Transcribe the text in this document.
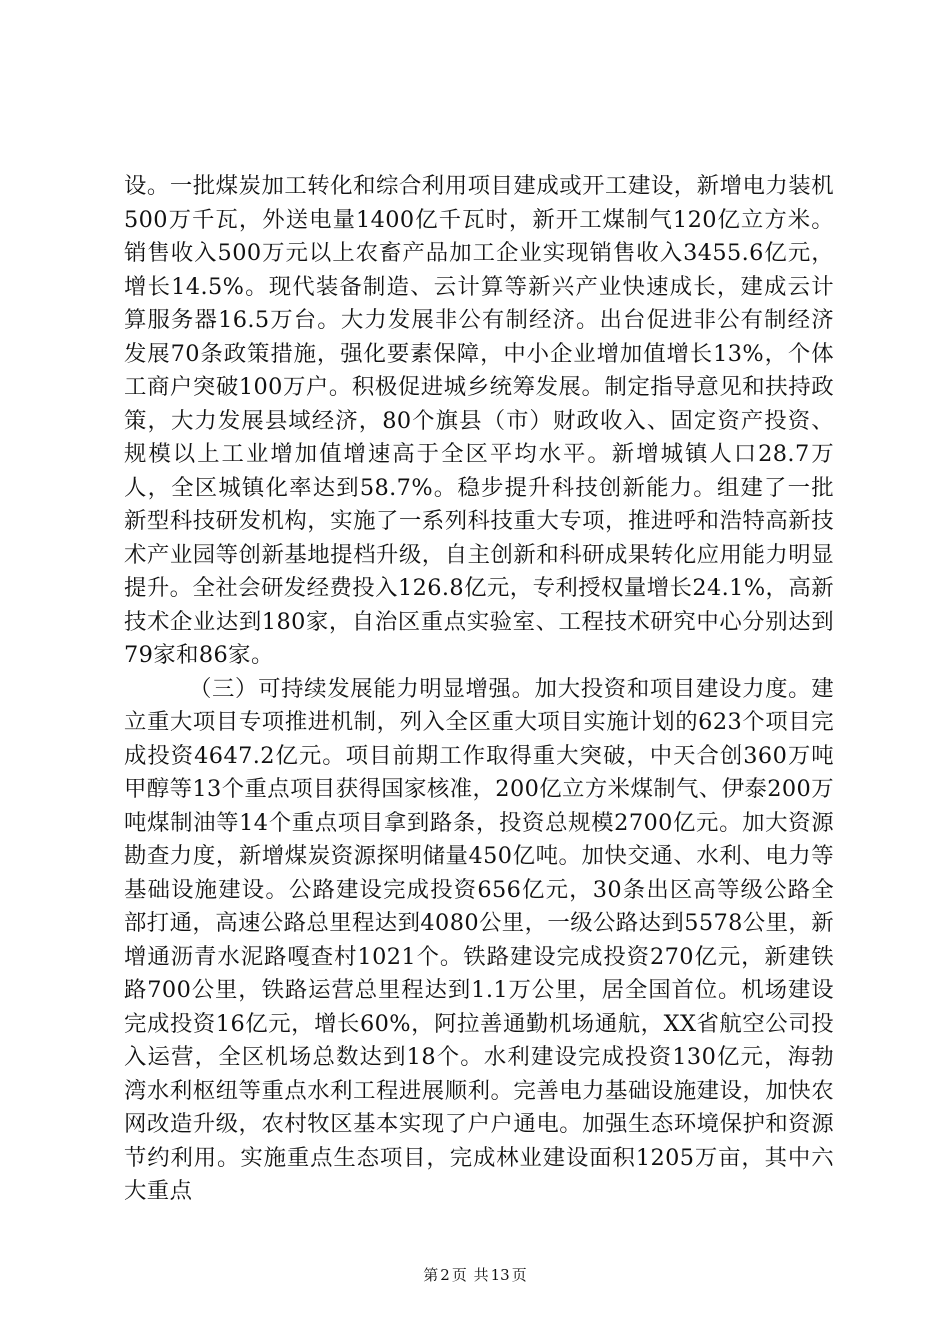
设。一批煤炭加工转化和综合利用项目建成或开工建设，新增电力装机500万千瓦，外送电量1400亿千瓦时，新开工煤制气120亿立方米。销售收入500万元以上农畜产品加工企业实现销售收入3455.6亿元，增长14.5%。现代装备制造、云计算等新兴产业快速成长，建成云计算服务器16.5万台。大力发展非公有制经济。出台促进非公有制经济发展70条政策措施，强化要素保障，中小企业增加值增长13%，个体工商户突破100万户。积极促进城乡统筹发展。制定指导意见和扶持政策，大力发展县域经济，80个旗县（市）财政收入、固定资产投资、规模以上工业增加值增速高于全区平均水平。新增城镇人口28.7万人，全区城镇化率达到58.7%。稳步提升科技创新能力。组建了一批新型科技研发机构，实施了一系列科技重大专项，推进呼和浩特高新技术产业园等创新基地提档升级，自主创新和科研成果转化应用能力明显提升。全社会研发经费投入126.8亿元，专利授权量增长24.1%，高新技术企业达到180家，自治区重点实验室、工程技术研究中心分别达到79家和86家。

（三）可持续发展能力明显增强。加大投资和项目建设力度。建立重大项目专项推进机制，列入全区重大项目实施计划的623个项目完成投资4647.2亿元。项目前期工作取得重大突破，中天合创360万吨甲醇等13个重点项目获得国家核准，200亿立方米煤制气、伊泰200万吨煤制油等14个重点项目拿到路条，投资总规模2700亿元。加大资源勘查力度，新增煤炭资源探明储量450亿吨。加快交通、水利、电力等基础设施建设。公路建设完成投资656亿元，30条出区高等级公路全部打通，高速公路总里程达到4080公里，一级公路达到5578公里，新增通沥青水泥路嘎查村1021个。铁路建设完成投资270亿元，新建铁路700公里，铁路运营总里程达到1.1万公里，居全国首位。机场建设完成投资16亿元，增长60%，阿拉善通勤机场通航，XX省航空公司投入运营，全区机场总数达到18个。水利建设完成投资130亿元，海勃湾水利枢纽等重点水利工程进展顺利。完善电力基础设施建设，加快农网改造升级，农村牧区基本实现了户户通电。加强生态环境保护和资源节约利用。实施重点生态项目，完成林业建设面积1205万亩，其中六大重点

第 2 页 共 13 页
